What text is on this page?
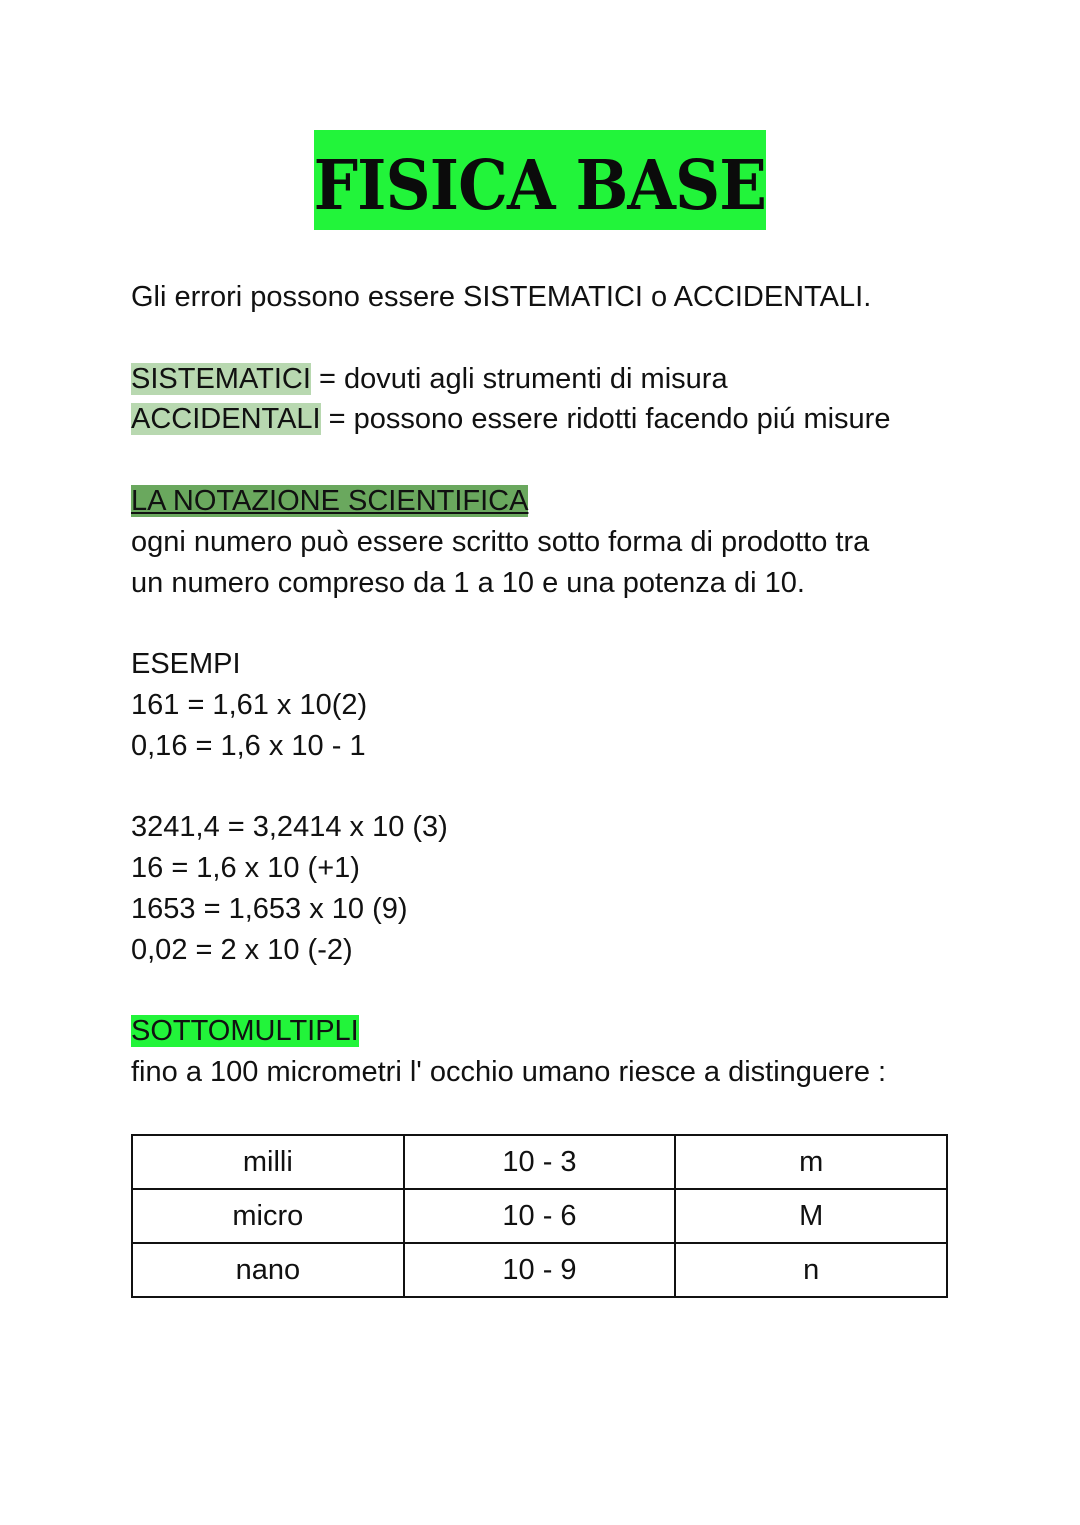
FISICA BASE
Gli errori possono essere SISTEMATICI o ACCIDENTALI.
SISTEMATICI = dovuti agli strumenti di misura
ACCIDENTALI = possono essere ridotti facendo piú misure
LA NOTAZIONE SCIENTIFICA
ogni numero può essere scritto sotto forma di prodotto tra
un numero compreso da 1 a 10 e una potenza di 10.
ESEMPI
161 = 1,61 x 10(2)
0,16 = 1,6 x 10 - 1
3241,4 = 3,2414 x 10 (3)
16 = 1,6 x 10 (+1)
1653 = 1,653 x 10 (9)
0,02 = 2 x 10 (-2)
SOTTOMULTIPLI
fino a 100 micrometri l' occhio umano riesce a distinguere :
milli	10 - 3	m
micro	10 - 6	M
nano	10 - 9	n
